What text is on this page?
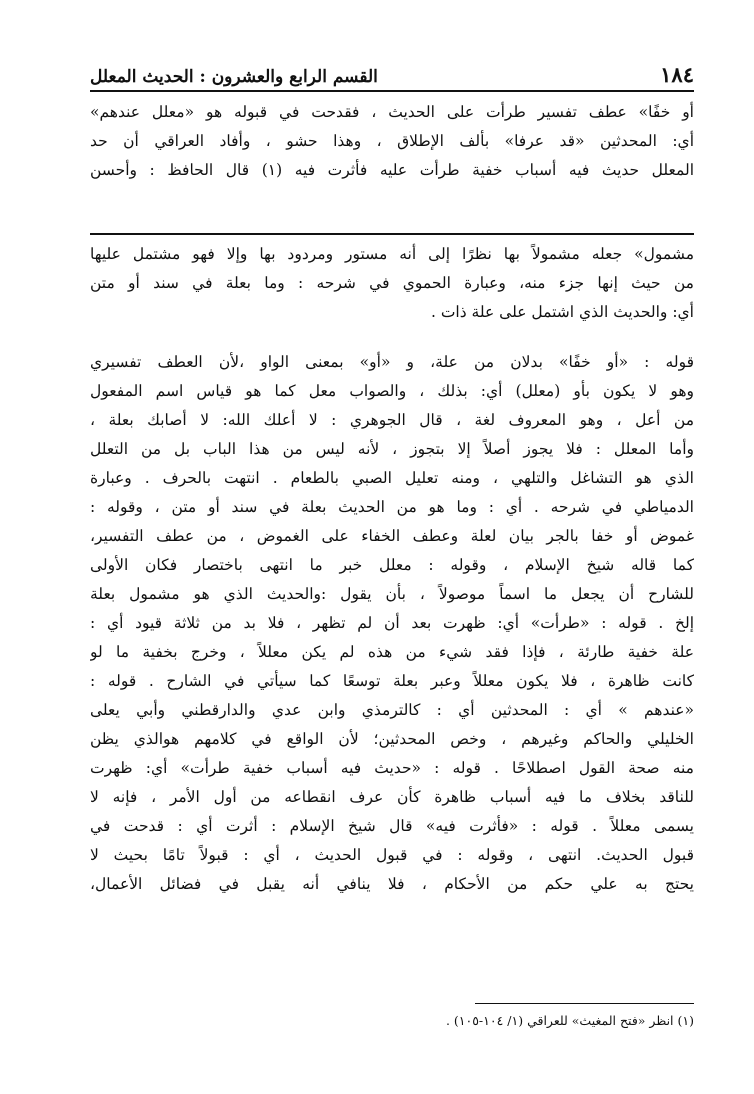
١٨٤
القسم الرابع والعشرون : الحديث المعلل
أو خفًا» عطف تفسير طرأت على الحديث ، فقدحت في قبوله هو «معلل عندهم»
أي: المحدثين «قد عرفا» بألف الإطلاق ، وهذا حشو ، وأفاد العراقي أن حد
المعلل حديث فيه أسباب خفية طرأت عليه فأثرت فيه (١) قال الحافظ : وأحسن
مشمول» جعله مشمولاً بها نظرًا إلى أنه مستور ومردود بها وإلا فهو مشتمل عليها
من حيث إنها جزء منه، وعبارة الحموي في شرحه : وما بعلة في سند أو متن
أي: والحديث الذي اشتمل على علة ذات .
قوله : «أو خفًا» بدلان من علة، و «أو» بمعنى الواو ،لأن العطف تفسيري
وهو لا يكون بأو (معلل) أي: بذلك ، والصواب معل كما هو قياس اسم المفعول
من أعل ، وهو المعروف لغة ، قال الجوهري : لا أعلك الله: لا أصابك بعلة ،
وأما المعلل : فلا يجوز أصلاً إلا بتجوز ، لأنه ليس من هذا الباب بل من التعلل
الذي هو التشاغل والتلهي ، ومنه تعليل الصبي بالطعام . انتهت بالحرف . وعبارة
الدمياطي في شرحه . أي : وما هو من الحديث بعلة في سند أو متن ، وقوله :
غموض أو خفا بالجر بيان لعلة وعطف الخفاء على الغموض ، من عطف التفسير،
كما قاله شيخ الإسلام ، وقوله : معلل خبر ما انتهى باختصار فكان الأولى
للشارح أن يجعل ما اسماً موصولاً ، بأن يقول :والحديث الذي هو مشمول بعلة
إلخ . قوله : «طرأت» أي: ظهرت بعد أن لم تظهر ، فلا بد من ثلاثة قيود أي :
علة خفية طارئة ، فإذا فقد شيء من هذه لم يكن معللاً ، وخرج بخفية ما لو
كانت ظاهرة ، فلا يكون معللاً وعبر بعلة توسعًا كما سيأتي في الشارح . قوله :
«عندهم » أي : المحدثين أي : كالترمذي وابن عدي والدارقطني وأبي يعلى
الخليلي والحاكم وغيرهم ، وخص المحدثين؛ لأن الواقع في كلامهم هوالذي يظن
منه صحة القول اصطلاحًا . قوله : «حديث فيه أسباب خفية طرأت» أي: ظهرت
للناقد بخلاف ما فيه أسباب ظاهرة كأن عرف انقطاعه من أول الأمر ، فإنه لا
يسمى معللاً . قوله : «فأثرت فيه» قال شيخ الإسلام : أثرت أي : قدحت في
قبول الحديث. انتهى ، وقوله : في قبول الحديث ، أي : قبولاً تامًا بحيث لا
يحتج به علي حكم من الأحكام ، فلا ينافي أنه يقبل في فضائل الأعمال،
(١) انظر «فتح المغيث» للعراقي (١/ ١٠٤-١٠٥) .
